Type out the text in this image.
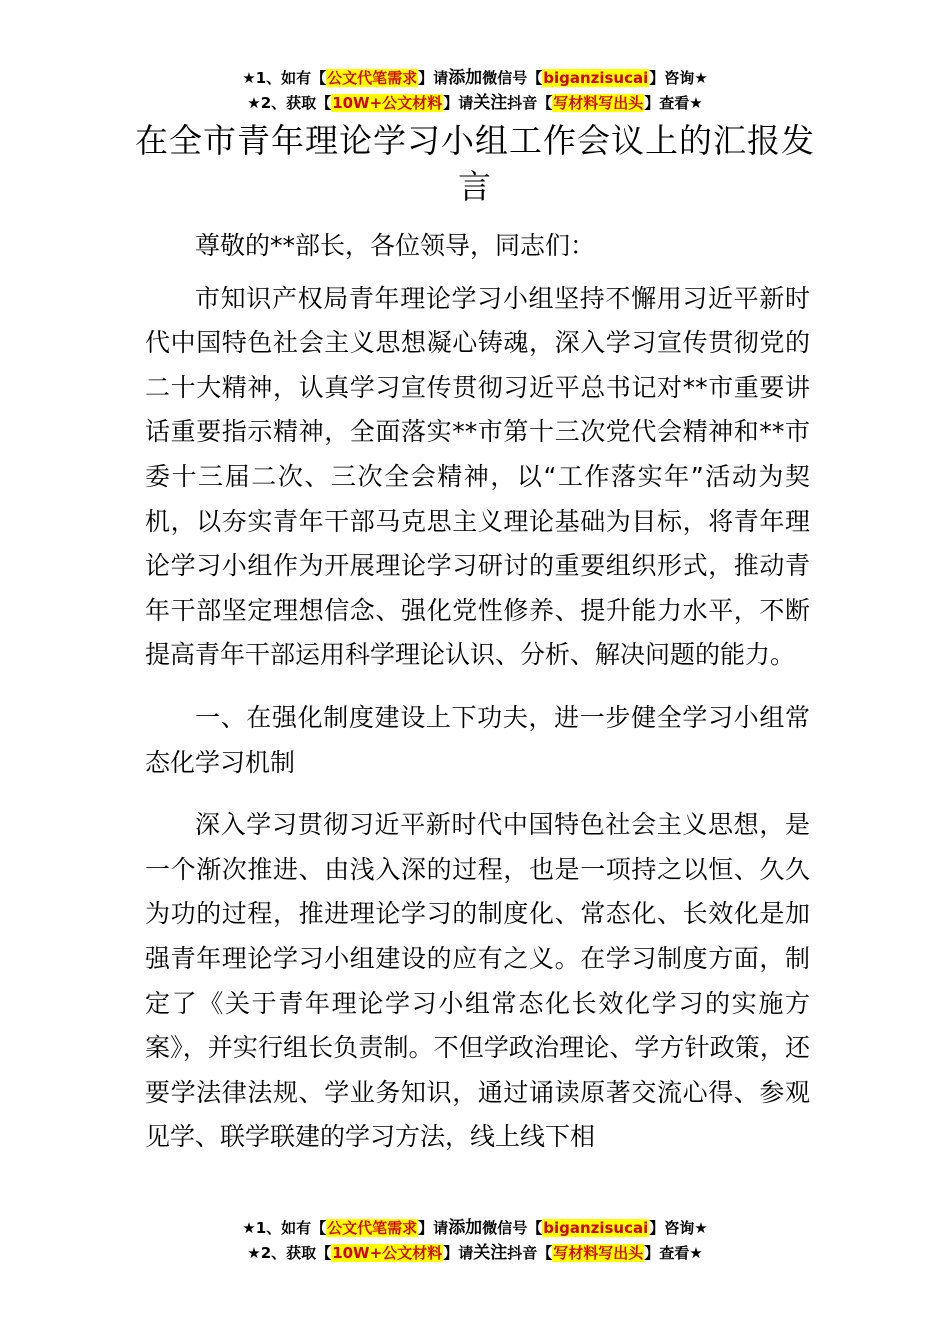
★1、如有【公文代笔需求】请添加微信号【biganzisucai】咨询★
★2、获取【10W+公文材料】请关注抖音【写材料写出头】查看★
在全市青年理论学习小组工作会议上的汇报发言

尊敬的**部长，各位领导，同志们：

市知识产权局青年理论学习小组坚持不懈用习近平新时代中国特色社会主义思想凝心铸魂，深入学习宣传贯彻党的二十大精神，认真学习宣传贯彻习近平总书记对**市重要讲话重要指示精神，全面落实**市第十三次党代会精神和**市委十三届二次、三次全会精神，以“工作落实年”活动为契机，以夯实青年干部马克思主义理论基础为目标，将青年理论学习小组作为开展理论学习研讨的重要组织形式，推动青年干部坚定理想信念、强化党性修养、提升能力水平，不断提高青年干部运用科学理论认识、分析、解决问题的能力。

一、在强化制度建设上下功夫，进一步健全学习小组常态化学习机制

深入学习贯彻习近平新时代中国特色社会主义思想，是一个渐次推进、由浅入深的过程，也是一项持之以恒、久久为功的过程，推进理论学习的制度化、常态化、长效化是加强青年理论学习小组建设的应有之义。在学习制度方面，制定了《关于青年理论学习小组常态化长效化学习的实施方案》，并实行组长负责制。不但学政治理论、学方针政策，还要学法律法规、学业务知识，通过诵读原著交流心得、参观见学、联学联建的学习方法，线上线下相

★1、如有【公文代笔需求】请添加微信号【biganzisucai】咨询★
★2、获取【10W+公文材料】请关注抖音【写材料写出头】查看★
